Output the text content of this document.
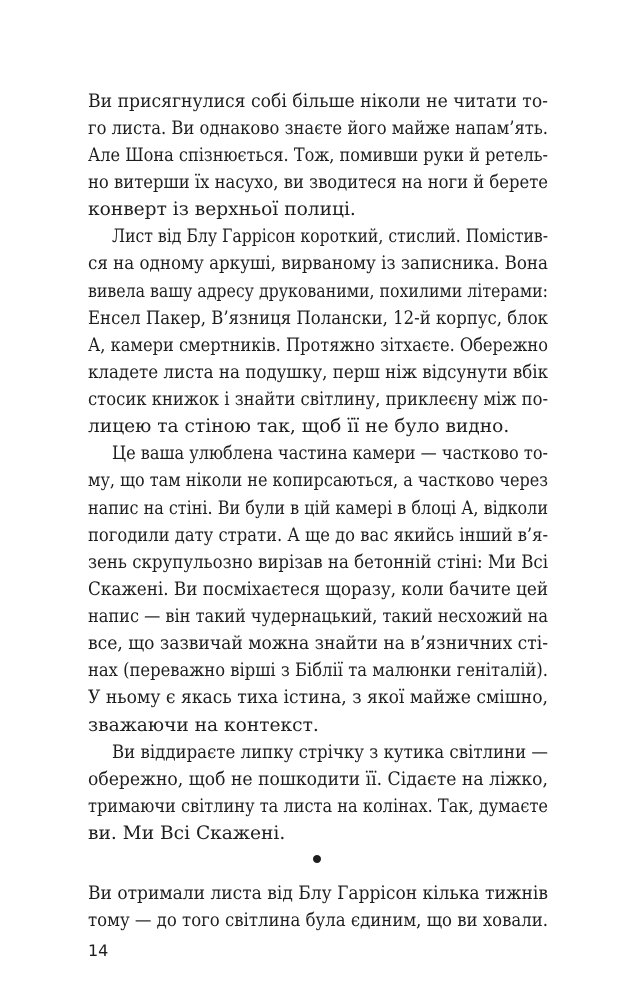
Ви присягнулися собі більше ніколи не читати то-

го листа. Ви однаково знаєте його майже напам’ять.

Але Шона спізнюється. Тож, помивши руки й ретель-

но витерши їх насухо, ви зводитеся на ноги й берете

конверт із верхньої полиці.

Лист від Блу Гаррісон короткий, стислий. Помістив-

ся на одному аркуші, вирваному із записника. Вона

вивела вашу адресу друкованими, похилими літерами:

Енсел Пакер, В’язниця Полански, 12-й корпус, блок

А, камери смертників. Протяжно зітхаєте. Обережно

кладете листа на подушку, перш ніж відсунути вбік

стосик книжок і знайти світлину, приклеєну між по-

лицею та стіною так, щоб її не було видно.

Це ваша улюблена частина камери — частково то-

му, що там ніколи не копирсаються, а частково через

напис на стіні. Ви були в цій камері в блоці А, відколи

погодили дату страти. А ще до вас якийсь інший в’я-

зень скрупульозно вирізав на бетонній стіні: Ми Всі

Скажені. Ви посміхаєтеся щоразу, коли бачите цей

напис — він такий чудернацький, такий несхожий на

все, що зазвичай можна знайти на в’язничних сті-

нах (переважно вірші з Біблії та малюнки геніталій).

У ньому є якась тиха істина, з якої майже смішно,

зважаючи на контекст.

Ви віддираєте липку стрічку з кутика світлини —

обережно, щоб не пошкодити її. Сідаєте на ліжко,

тримаючи світлину та листа на колінах. Так, думаєте

ви. Ми Всі Скажені.

Ви отримали листа від Блу Гаррісон кілька тижнів

тому — до того світлина була єдиним, що ви ховали.

14
